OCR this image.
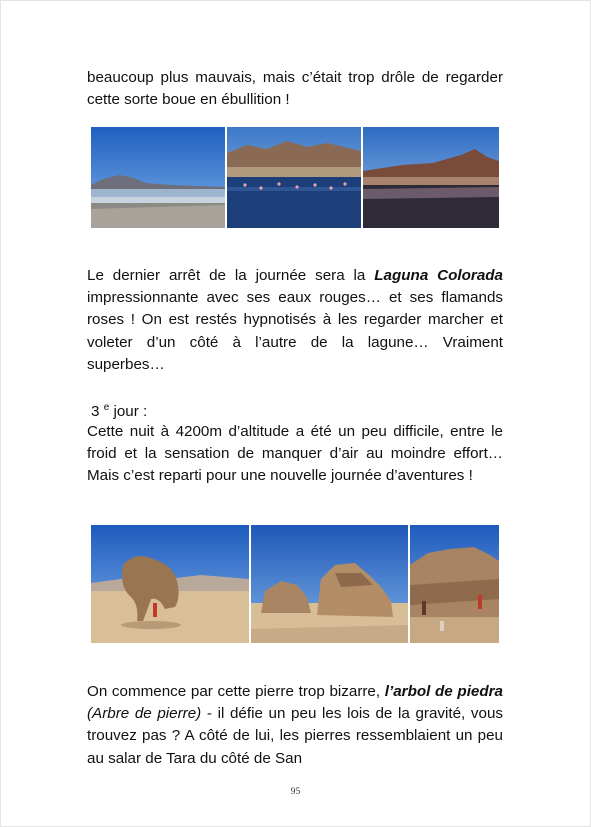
beaucoup plus mauvais, mais c’était trop drôle de regarder cette sorte boue en ébullition !

Le dernier arrêt de la journée sera la Laguna Colorada impressionnante avec ses eaux rouges… et ses flamands roses ! On est restés hypnotisés à les regarder marcher et voleter d’un côté à l’autre de la lagune… Vraiment superbes…

3 $^e$ jour :

Cette nuit à 4200m d’altitude a été un peu difficile, entre le froid et la sensation de manquer d’air au moindre effort… Mais c’est reparti pour une nouvelle journée d’aventures !

On commence par cette pierre trop bizarre, l’arbol de piedra (Arbre de pierre) - il défie un peu les lois de la gravité, vous trouvez pas ? A côté de lui, les pierres ressemblaient un peu au salar de Tara du côté de San

95
